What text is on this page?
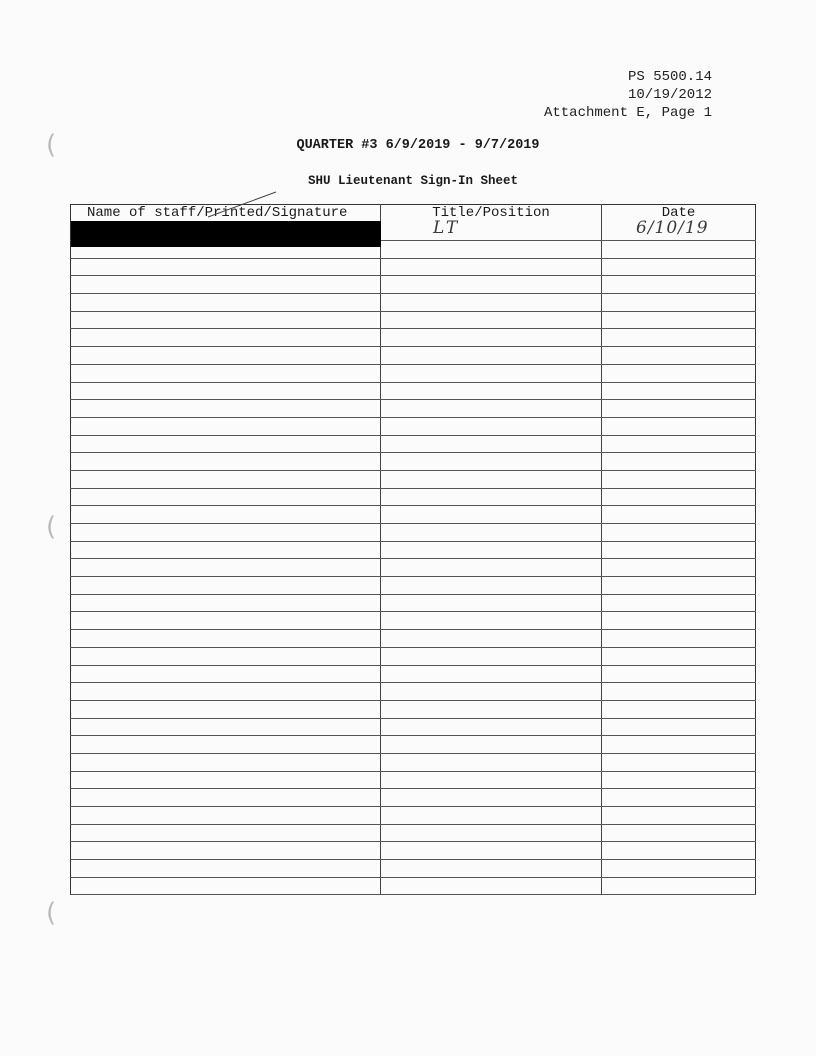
(
(
(
PS 5500.14
10/19/2012
Attachment E, Page 1
QUARTER #3 6/9/2019 - 9/7/2019
SHU Lieutenant Sign-In Sheet
Name of staff/Printed/Signature	Title/Position	Date

	LT	6/10/19
